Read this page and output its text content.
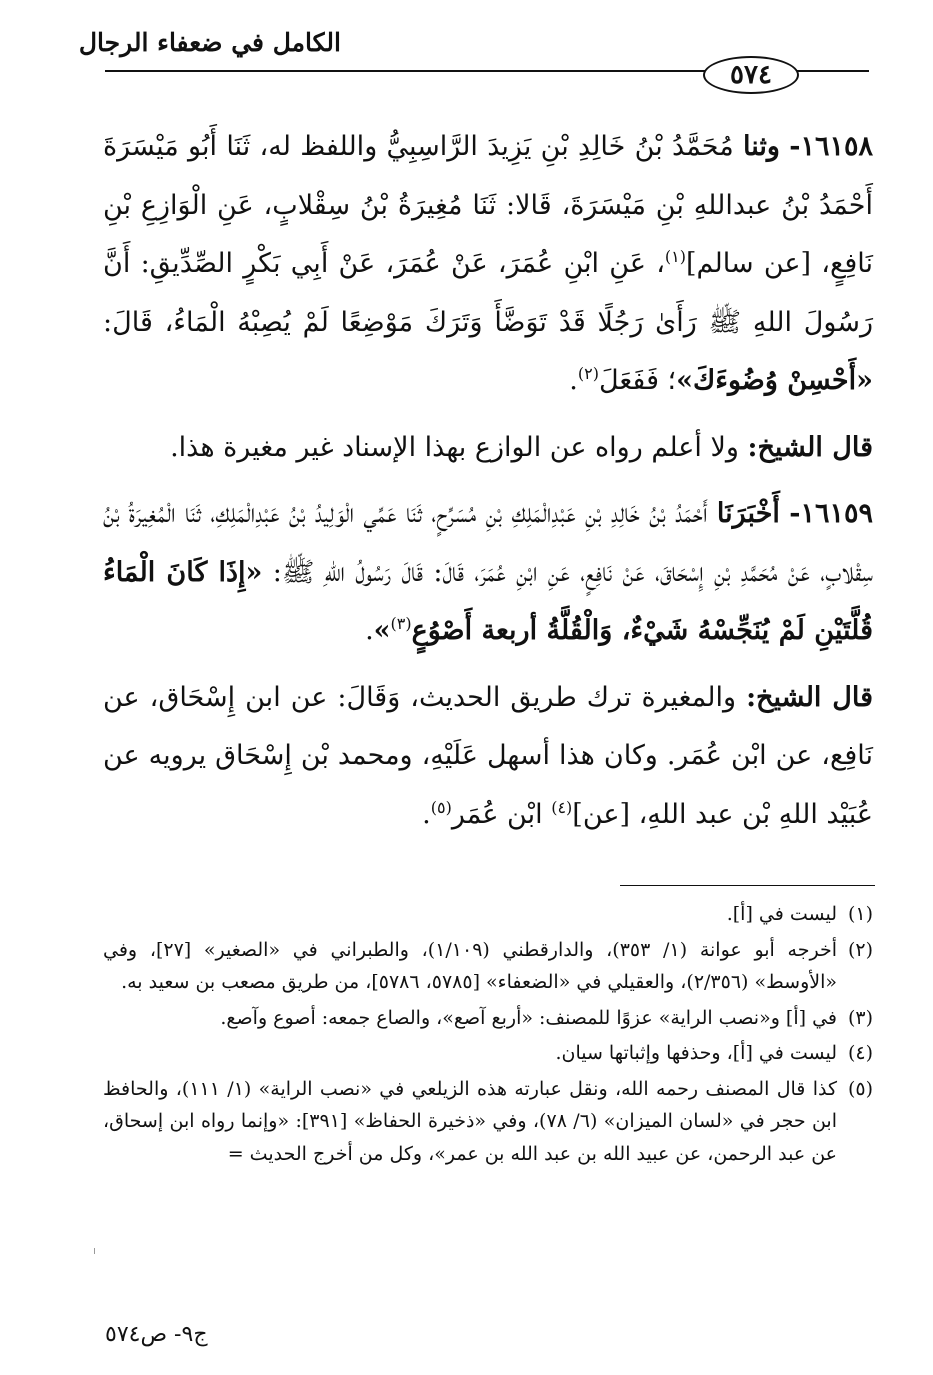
الكامل في ضعفاء الرجال
٥٧٤

١٦١٥٨- وثنا مُحَمَّدُ بْنُ خَالِدِ بْنِ يَزِيدَ الرَّاسِبِيُّ واللفظ له، ثَنَا أَبُو مَيْسَرَةَ أَحْمَدُ بْنُ عبداللهِ بْنِ مَيْسَرَةَ، قَالا: ثَنَا مُغِيرَةُ بْنُ سِقْلابٍ، عَنِ الْوَازِعِ بْنِ نَافِعٍ، [عن سالم]$^{(١)}$، عَنِ ابْنِ عُمَرَ، عَنْ عُمَرَ، عَنْ أَبِي بَكْرٍ الصِّدِّيقِ: أَنَّ رَسُولَ اللهِ ﷺ رَأَىٰ رَجُلًا قَدْ تَوَضَّأَ وَتَرَكَ مَوْضِعًا لَمْ يُصِبْهُ الْمَاءُ، قَالَ: «أَحْسِنْ وُضُوءَكَ»؛ فَفَعَلَ$^{(٢)}$.

قال الشيخ: ولا أعلم رواه عن الوازع بهذا الإسناد غير مغيرة هذا.

١٦١٥٩- أَخْبَرَنَا أَحْمَدُ بْنُ خَالِدِ بْنِ عَبْدِالْمَلِكِ بْنِ مُسَرِّحٍ، ثَنَا عَمِّي الْوَلِيدُ بْنُ عَبْدِالْمَلِكِ، ثَنَا الْمُغِيرَةُ بْنُ سِقْلابٍ، عَنْ مُحَمَّدِ بْنِ إِسْحَاقَ، عَنْ نَافِعٍ، عَنِ ابْنِ عُمَرَ، قَالَ: قَالَ رَسُولُ اللهِ ﷺ: «إِذَا كَانَ الْمَاءُ قُلَّتَيْنِ لَمْ يُنَجِّسْهُ شَيْءٌ، وَالْقُلَّةُ أربعة أَصْوُعٍ$^{(٣)}$».

قال الشيخ: والمغيرة ترك طريق الحديث، وَقَالَ: عن ابن إِسْحَاق، عن نَافِع، عن ابْن عُمَر. وكان هذا أسهل عَلَيْهِ، ومحمد بْن إِسْحَاق يرويه عن عُبَيْد اللهِ بْن عبد اللهِ، [عن]$^{(٤)}$ ابْن عُمَر$^{(٥)}$.

(١)
ليست في [أ].
(٢)
أخرجه أبو عوانة (١/ ٣٥٣)، والدارقطني (١/١٠٩)، والطبراني في «الصغير» [٢٧]، وفي «الأوسط» (٢/٣٥٦)، والعقيلي في «الضعفاء» [٥٧٨٥، ٥٧٨٦]، من طريق مصعب بن سعيد به.
(٣)
في [أ] و«نصب الراية» عزوًا للمصنف: «أربع آصع»، والصاع جمعه: أصوع وآصع.
(٤)
ليست في [أ]، وحذفها وإثباتها سيان.
(٥)
كذا قال المصنف رحمه الله، ونقل عبارته هذه الزيلعي في «نصب الراية» (١/ ١١١)، والحافظ ابن حجر في «لسان الميزان» (٦/ ٧٨)، وفي «ذخيرة الحفاظ» [٣٩١]: «وإنما رواه ابن إسحاق، عن عبد الرحمن، عن عبيد الله بن عبد الله بن عمر»، وكل من أخرج الحديث =
ج٩- ص٥٧٤
